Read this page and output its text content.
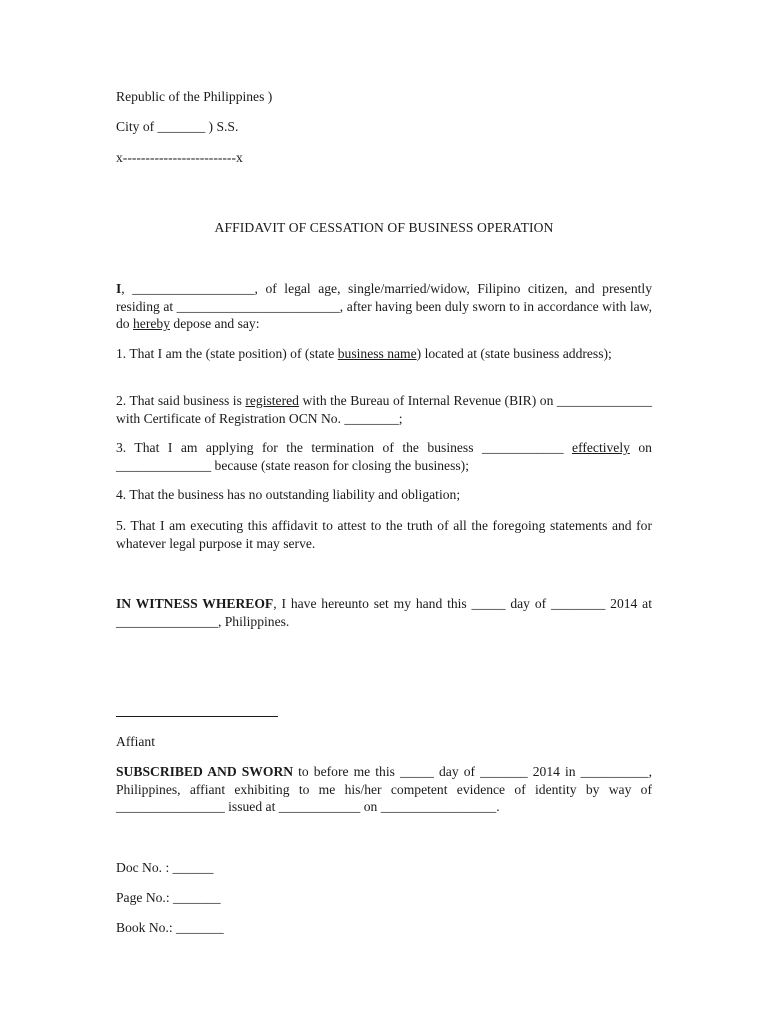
Republic of the Philippines )
City of _______ ) S.S.
x-------------------------x
AFFIDAVIT OF CESSATION OF BUSINESS OPERATION
I, __________________, of legal age, single/married/widow, Filipino citizen, and presently residing at ________________________, after having been duly sworn to in accordance with law, do hereby depose and say:
1. That I am the (state position) of (state business name) located at (state business address);
2. That said business is registered with the Bureau of Internal Revenue (BIR) on ______________ with Certificate of Registration OCN No. ________;
3. That I am applying for the termination of the business ____________ effectively on ______________ because (state reason for closing the business);
4. That the business has no outstanding liability and obligation;
5. That I am executing this affidavit to attest to the truth of all the foregoing statements and for whatever legal purpose it may serve.
IN WITNESS WHEREOF, I have hereunto set my hand this _____ day of ________ 2014 at _______________, Philippines.
Affiant
SUBSCRIBED AND SWORN to before me this _____ day of _______ 2014 in __________, Philippines, affiant exhibiting to me his/her competent evidence of identity by way of ________________ issued at ____________ on _________________.
Doc No. : ______
Page No.: _______
Book No.: _______
